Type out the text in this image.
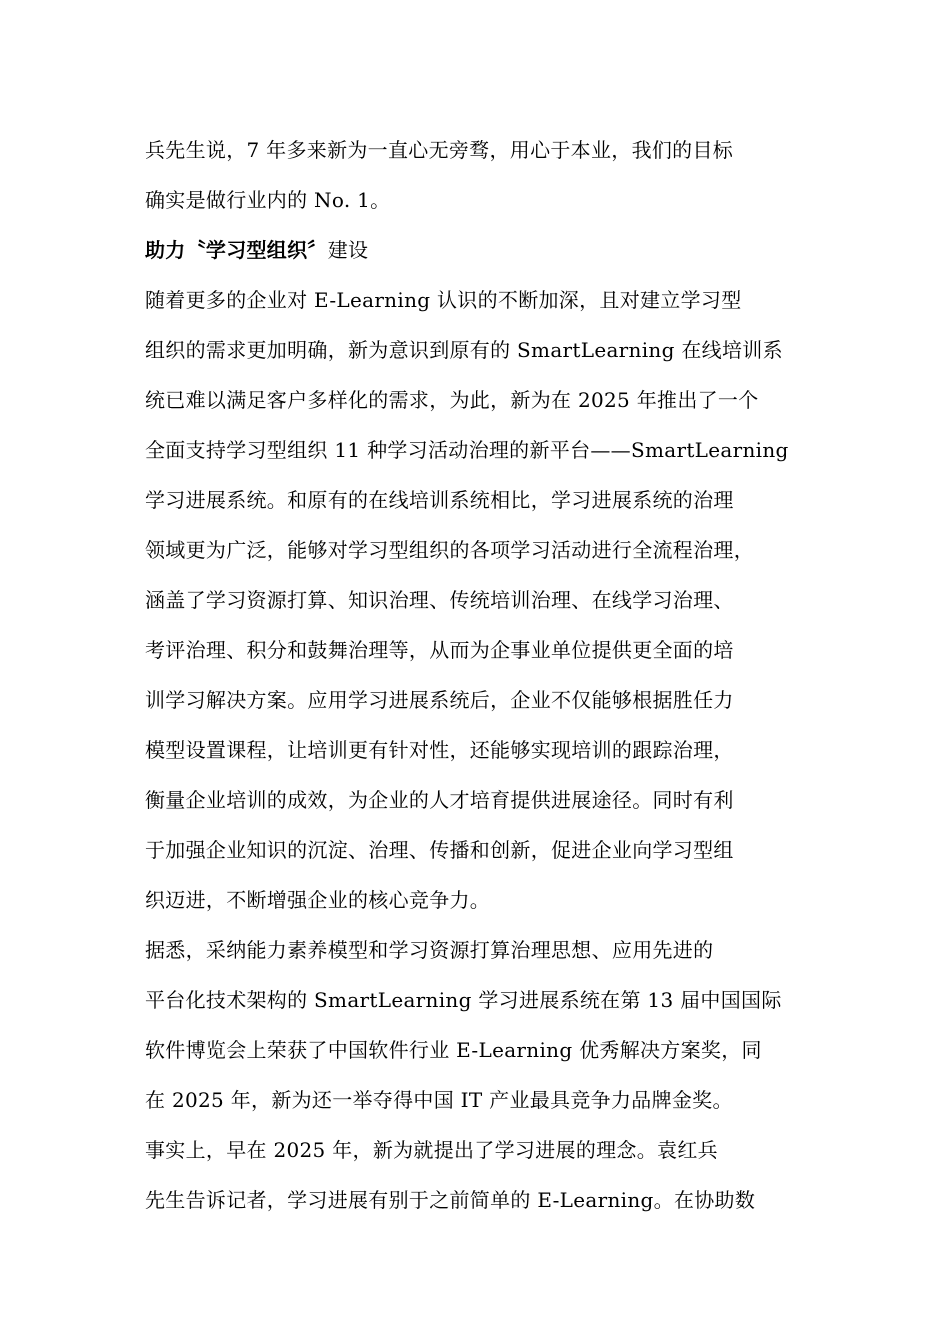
兵先生说，7 年多来新为一直心无旁骛，用心于本业，我们的目标
确实是做行业内的 No. 1。
助力〝学习型组织〞建设
随着更多的企业对 E-Learning 认识的不断加深，且对建立学习型
组织的需求更加明确，新为意识到原有的 SmartLearning 在线培训系
统已难以满足客户多样化的需求，为此，新为在 2025 年推出了一个
全面支持学习型组织 11 种学习活动治理的新平台——SmartLearning
学习进展系统。和原有的在线培训系统相比，学习进展系统的治理
领域更为广泛，能够对学习型组织的各项学习活动进行全流程治理，
涵盖了学习资源打算、知识治理、传统培训治理、在线学习治理、
考评治理、积分和鼓舞治理等，从而为企事业单位提供更全面的培
训学习解决方案。应用学习进展系统后，企业不仅能够根据胜任力
模型设置课程，让培训更有针对性，还能够实现培训的跟踪治理，
衡量企业培训的成效，为企业的人才培育提供进展途径。同时有利
于加强企业知识的沉淀、治理、传播和创新，促进企业向学习型组
织迈进，不断增强企业的核心竞争力。
据悉，采纳能力素养模型和学习资源打算治理思想、应用先进的
平台化技术架构的 SmartLearning 学习进展系统在第 13 届中国国际
软件博览会上荣获了中国软件行业 E-Learning 优秀解决方案奖，同
在 2025 年，新为还一举夺得中国 IT 产业最具竞争力品牌金奖。
事实上，早在 2025 年，新为就提出了学习进展的理念。袁红兵
先生告诉记者，学习进展有别于之前简单的 E-Learning。在协助数
